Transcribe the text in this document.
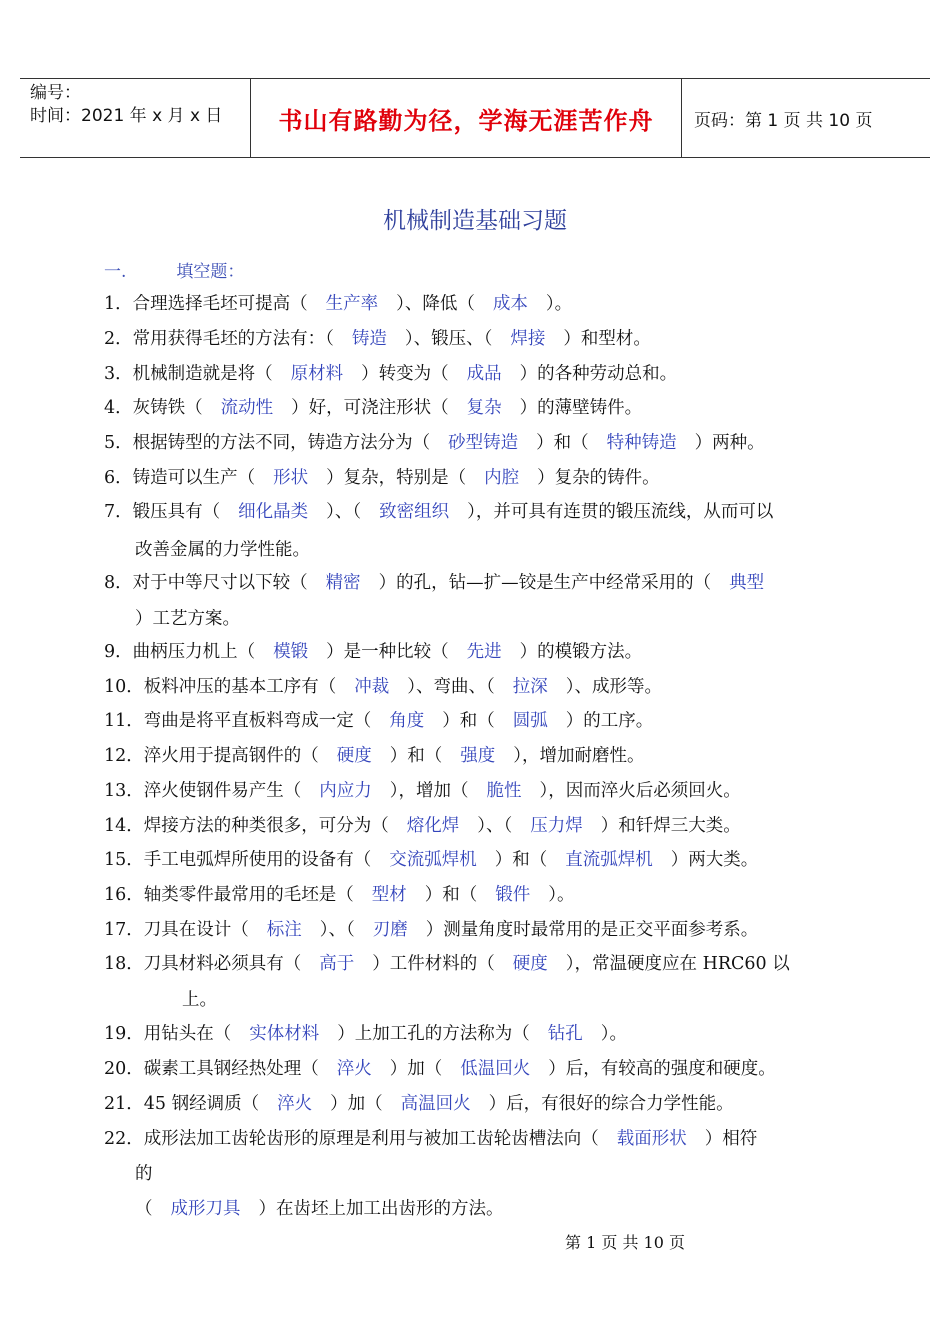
编号：
时间：2021 年 x 月 x 日	书山有路勤为径，学海无涯苦作舟	页码：第 1 页 共 10 页
机械制造基础习题
一.	填空题：
1．合理选择毛坯可提高（ 生产率 ）、降低（ 成本 ）。
2．常用获得毛坯的方法有：（ 铸造 ）、锻压、（ 焊接 ）和型材。
3．机械制造就是将（ 原材料 ）转变为（ 成品 ）的各种劳动总和。
4．灰铸铁（ 流动性 ）好，可浇注形状（ 复杂 ）的薄壁铸件。
5．根据铸型的方法不同，铸造方法分为（ 砂型铸造 ）和（ 特种铸造 ）两种。
6．铸造可以生产（ 形状 ）复杂，特别是（ 内腔 ）复杂的铸件。
7．锻压具有（ 细化晶类 ）、（ 致密组织 ），并可具有连贯的锻压流线，从而可以
改善金属的力学性能。
8．对于中等尺寸以下较（ 精密 ）的孔，钻—扩—铰是生产中经常采用的（ 典型
）工艺方案。
9．曲柄压力机上（ 模锻 ）是一种比较（ 先进 ）的模锻方法。
10．板料冲压的基本工序有（ 冲裁 ）、弯曲、（ 拉深 ）、成形等。
11．弯曲是将平直板料弯成一定（ 角度 ）和（ 圆弧 ）的工序。
12．淬火用于提高钢件的（ 硬度 ）和（ 强度 ），增加耐磨性。
13．淬火使钢件易产生（ 内应力 ），增加（ 脆性 ），因而淬火后必须回火。
14．焊接方法的种类很多，可分为（ 熔化焊 ）、（ 压力焊 ）和钎焊三大类。
15．手工电弧焊所使用的设备有（ 交流弧焊机 ）和（ 直流弧焊机 ）两大类。
16．轴类零件最常用的毛坯是（ 型材 ）和（ 锻件 ）。
17．刀具在设计（ 标注 ）、（ 刃磨 ）测量角度时最常用的是正交平面参考系。
18．刀具材料必须具有（ 高于 ）工件材料的（ 硬度 ），常温硬度应在 HRC60 以
上。
19．用钻头在（ 实体材料 ）上加工孔的方法称为（ 钻孔 ）。
20．碳素工具钢经热处理（ 淬火 ）加（ 低温回火 ）后，有较高的强度和硬度。
21．45 钢经调质（ 淬火 ）加（ 高温回火 ）后，有很好的综合力学性能。
22．成形法加工齿轮齿形的原理是利用与被加工齿轮齿槽法向（ 载面形状 ）相符
的
（ 成形刀具 ）在齿坯上加工出齿形的方法。
第 1 页 共 10 页
